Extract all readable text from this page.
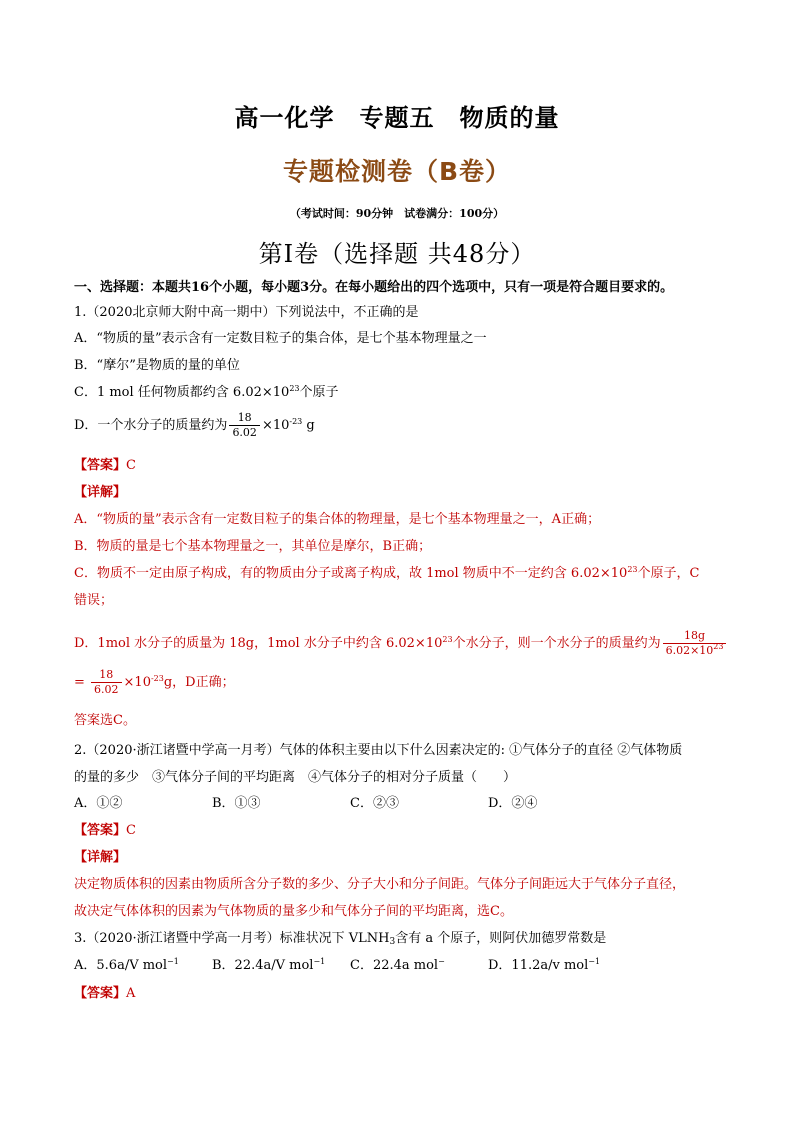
高一化学　专题五　物质的量
专题检测卷（B卷）
（考试时间：90分钟　试卷满分：100分）
第Ⅰ卷（选择题 共48分）
一、选择题：本题共16个小题，每小题3分。在每小题给出的四个选项中，只有一项是符合题目要求的。
1.（2020北京师大附中高一期中）下列说法中，不正确的是
A．“物质的量”表示含有一定数目粒子的集合体，是七个基本物理量之一
B．“摩尔”是物质的量的单位
C．1 mol 任何物质都约含 $6.02\times 10^{23}$个原子
D．一个水分子的质量约为 $\frac{18}{6.02} \times 10^{-23}$ g
【答案】C
【详解】
A．“物质的量”表示含有一定数目粒子的集合体的物理量，是七个基本物理量之一，A正确；
B．物质的量是七个基本物理量之一，其单位是摩尔，B正确；
C．物质不一定由原子构成，有的物质由分子或离子构成，故 1mol 物质中不一定约含 $6.02\times 10^{23}$个原子，C
错误；
D．1mol 水分子的质量为 18g，1mol 水分子中约含 $6.02\times 10^{23}$个水分子，则一个水分子的质量约为 $\frac{18g}{6.02\times 10^{23}}$
= $\frac{18}{6.02} \times 10^{-23}g$，D正确；
答案选C。
2.（2020·浙江诸暨中学高一月考）气体的体积主要由以下什么因素决定的: ①气体分子的直径 ②气体物质
的量的多少　③气体分子间的平均距离　④气体分子的相对分子质量（　　）
A．①②	B．①③	C．②③	D．②④
【答案】C
【详解】
决定物质体积的因素由物质所含分子数的多少、分子大小和分子间距。气体分子间距远大于气体分子直径，
故决定气体体积的因素为气体物质的量多少和气体分子间的平均距离，选C。
3.（2020·浙江诸暨中学高一月考）标准状况下 $VLNH_3$含有 a 个原子，则阿伏加德罗常数是
A．5.6a/V mol$^{-1}$	B．22.4a/V mol$^{-1}$ C．22.4a mol−	D．11.2a/v mol$^{-1}$
【答案】A
